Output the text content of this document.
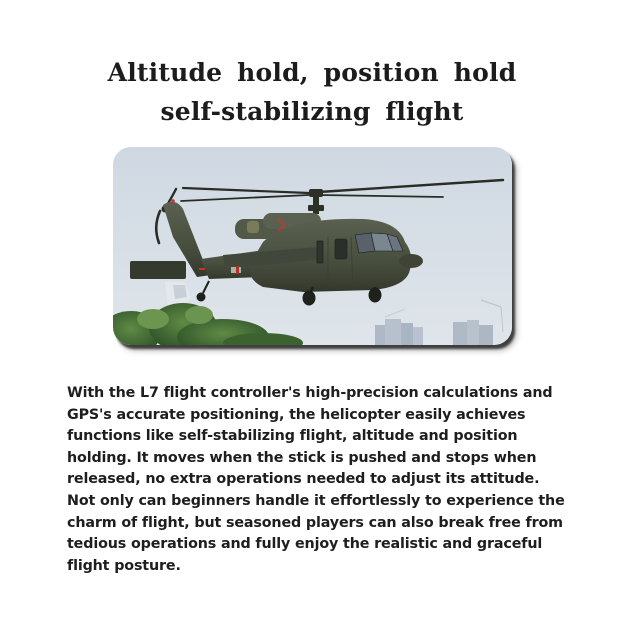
Altitude hold, position hold
self-stabilizing flight
With the L7 flight controller's high-precision calculations and
GPS's accurate positioning, the helicopter easily achieves
functions like self-stabilizing flight, altitude and position
holding. It moves when the stick is pushed and stops when
released, no extra operations needed to adjust its attitude.
Not only can beginners handle it effortlessly to experience the
charm of flight, but seasoned players can also break free from
tedious operations and fully enjoy the realistic and graceful
flight posture.
